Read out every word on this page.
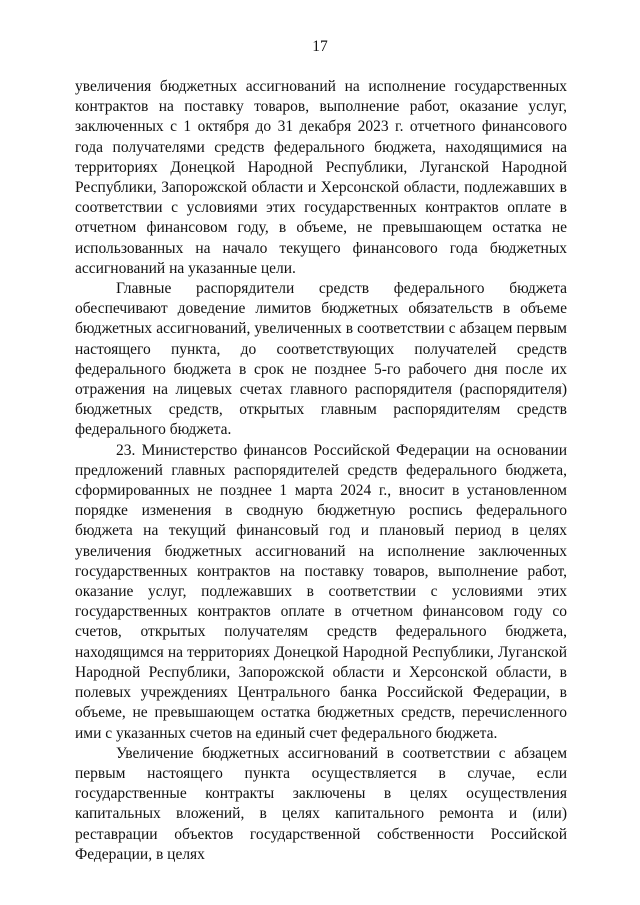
17

увеличения бюджетных ассигнований на исполнение государственных контрактов на поставку товаров, выполнение работ, оказание услуг, заключенных с 1 октября до 31 декабря 2023 г. отчетного финансового года получателями средств федерального бюджета, находящимися на территориях Донецкой Народной Республики, Луганской Народной Республики, Запорожской области и Херсонской области, подлежавших в соответствии с условиями этих государственных контрактов оплате в отчетном финансовом году, в объеме, не превышающем остатка не использованных на начало текущего финансового года бюджетных ассигнований на указанные цели.

Главные распорядители средств федерального бюджета обеспечивают доведение лимитов бюджетных обязательств в объеме бюджетных ассигнований, увеличенных в соответствии с абзацем первым настоящего пункта, до соответствующих получателей средств федерального бюджета в срок не позднее 5-го рабочего дня после их отражения на лицевых счетах главного распорядителя (распорядителя) бюджетных средств, открытых главным распорядителям средств федерального бюджета.

23. Министерство финансов Российской Федерации на основании предложений главных распорядителей средств федерального бюджета, сформированных не позднее 1 марта 2024 г., вносит в установленном порядке изменения в сводную бюджетную роспись федерального бюджета на текущий финансовый год и плановый период в целях увеличения бюджетных ассигнований на исполнение заключенных государственных контрактов на поставку товаров, выполнение работ, оказание услуг, подлежавших в соответствии с условиями этих государственных контрактов оплате в отчетном финансовом году со счетов, открытых получателям средств федерального бюджета, находящимся на территориях Донецкой Народной Республики, Луганской Народной Республики, Запорожской области и Херсонской области, в полевых учреждениях Центрального банка Российской Федерации, в объеме, не превышающем остатка бюджетных средств, перечисленного ими с указанных счетов на единый счет федерального бюджета.

Увеличение бюджетных ассигнований в соответствии с абзацем первым настоящего пункта осуществляется в случае, если государственные контракты заключены в целях осуществления капитальных вложений, в целях капитального ремонта и (или) реставрации объектов государственной собственности Российской Федерации, в целях
